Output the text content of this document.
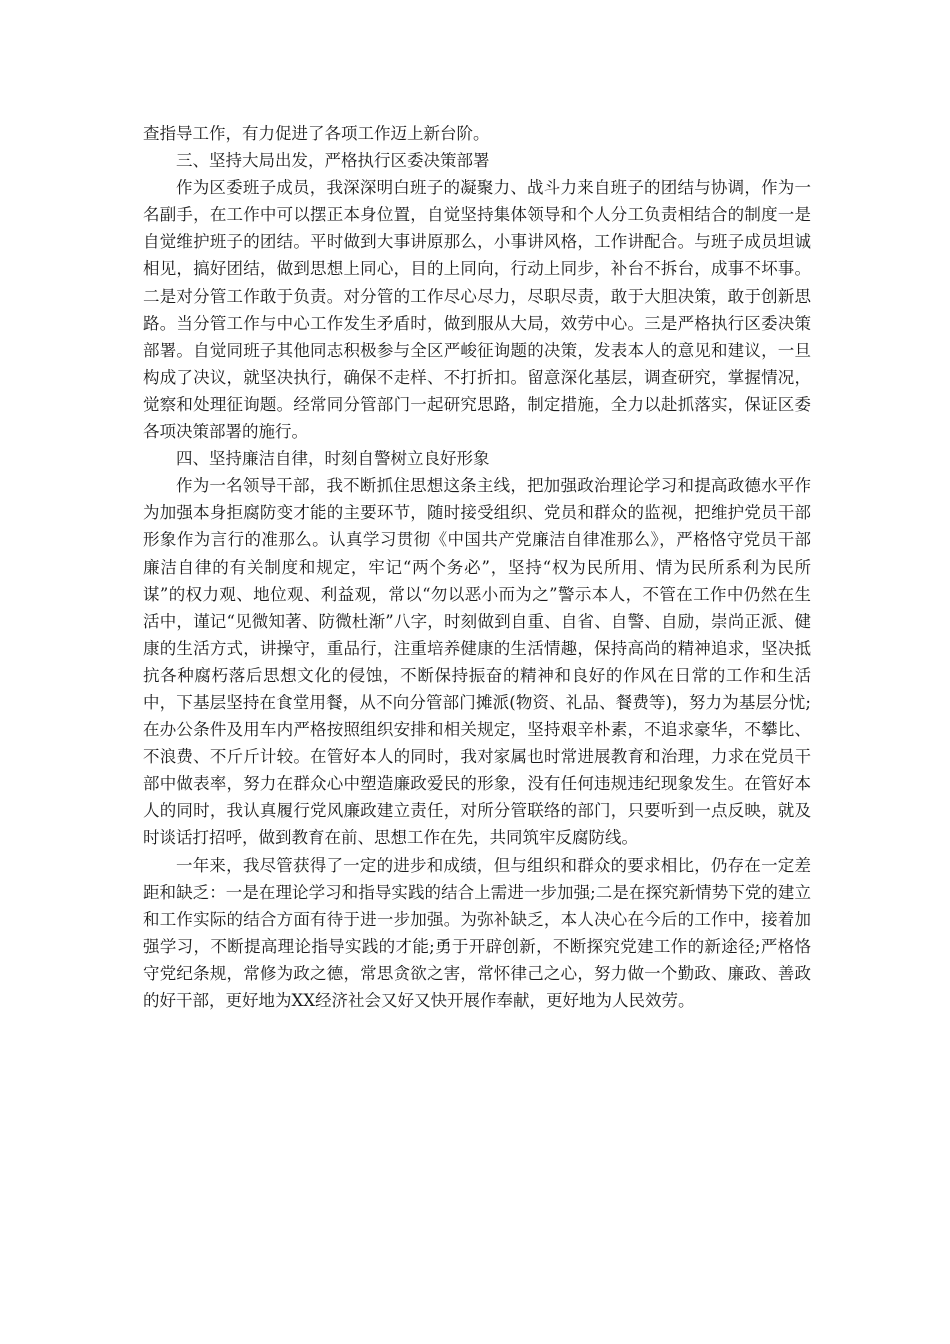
查指导工作，有力促进了各项工作迈上新台阶。

三、坚持大局出发，严格执行区委决策部署

作为区委班子成员，我深深明白班子的凝聚力、战斗力来自班子的团结与协调，作为一名副手，在工作中可以摆正本身位置，自觉坚持集体领导和个人分工负责相结合的制度一是自觉维护班子的团结。平时做到大事讲原那么，小事讲风格，工作讲配合。与班子成员坦诚相见，搞好团结，做到思想上同心，目的上同向，行动上同步，补台不拆台，成事不坏事。二是对分管工作敢于负责。对分管的工作尽心尽力，尽职尽责，敢于大胆决策，敢于创新思路。当分管工作与中心工作发生矛盾时，做到服从大局，效劳中心。三是严格执行区委决策部署。自觉同班子其他同志积极参与全区严峻征询题的决策，发表本人的意见和建议，一旦构成了决议，就坚决执行，确保不走样、不打折扣。留意深化基层，调查研究，掌握情况，觉察和处理征询题。经常同分管部门一起研究思路，制定措施，全力以赴抓落实，保证区委各项决策部署的施行。

四、坚持廉洁自律，时刻自警树立良好形象

作为一名领导干部，我不断抓住思想这条主线，把加强政治理论学习和提高政德水平作为加强本身拒腐防变才能的主要环节，随时接受组织、党员和群众的监视，把维护党员干部形象作为言行的准那么。认真学习贯彻《中国共产党廉洁自律准那么》，严格恪守党员干部廉洁自律的有关制度和规定，牢记“两个务必”，坚持“权为民所用、情为民所系利为民所谋”的权力观、地位观、利益观，常以“勿以恶小而为之”警示本人，不管在工作中仍然在生活中，谨记“见微知著、防微杜渐”八字，时刻做到自重、自省、自警、自励，崇尚正派、健康的生活方式，讲操守，重品行，注重培养健康的生活情趣，保持高尚的精神追求，坚决抵抗各种腐朽落后思想文化的侵蚀，不断保持振奋的精神和良好的作风在日常的工作和生活中，下基层坚持在食堂用餐，从不向分管部门摊派(物资、礼品、餐费等)，努力为基层分忧;在办公条件及用车内严格按照组织安排和相关规定，坚持艰辛朴素，不追求豪华，不攀比、不浪费、不斤斤计较。在管好本人的同时，我对家属也时常进展教育和治理，力求在党员干部中做表率，努力在群众心中塑造廉政爱民的形象，没有任何违规违纪现象发生。在管好本人的同时，我认真履行党风廉政建立责任，对所分管联络的部门，只要听到一点反映，就及时谈话打招呼，做到教育在前、思想工作在先，共同筑牢反腐防线。

一年来，我尽管获得了一定的进步和成绩，但与组织和群众的要求相比，仍存在一定差距和缺乏：一是在理论学习和指导实践的结合上需进一步加强;二是在探究新情势下党的建立和工作实际的结合方面有待于进一步加强。为弥补缺乏，本人决心在今后的工作中，接着加强学习，不断提高理论指导实践的才能;勇于开辟创新，不断探究党建工作的新途径;严格恪守党纪条规，常修为政之德，常思贪欲之害，常怀律己之心，努力做一个勤政、廉政、善政的好干部，更好地为XX经济社会又好又快开展作奉献，更好地为人民效劳。
